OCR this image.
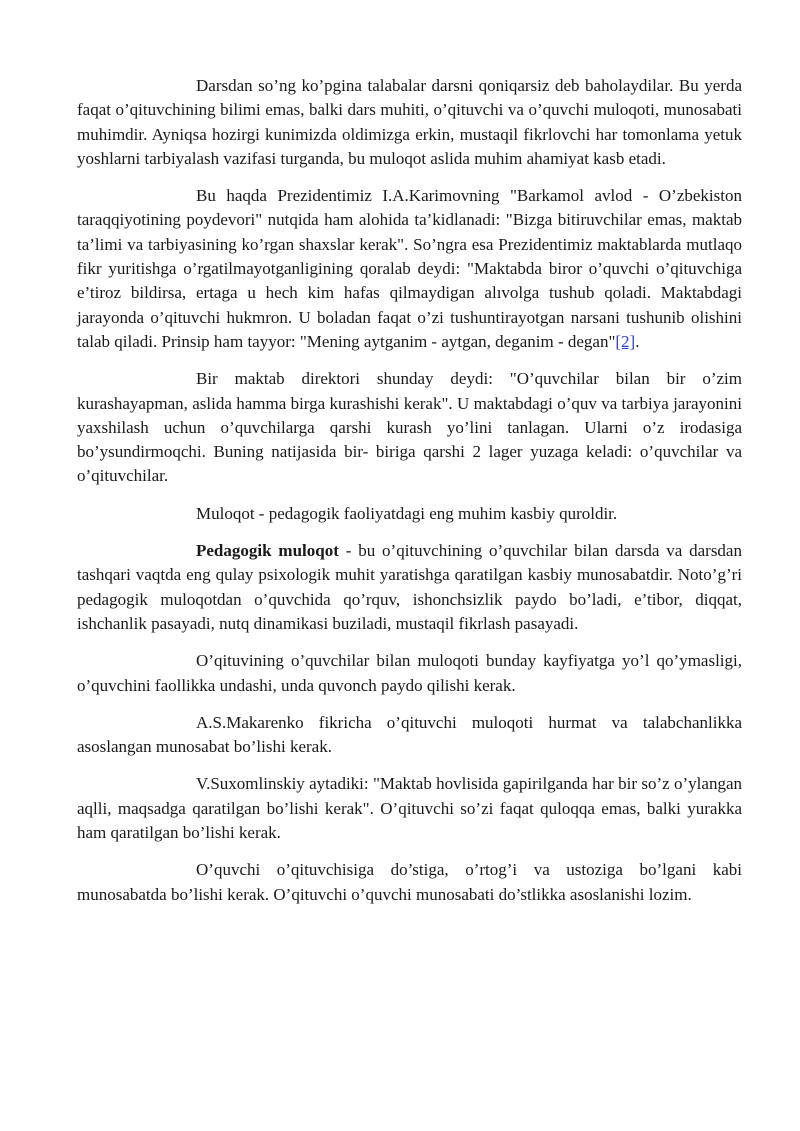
Darsdan so’ng ko’pgina talabalar darsni qoniqarsiz deb baholaydilar. Bu yerda faqat o’qituvchining bilimi emas, balki dars muhiti, o’qituvchi va o’quvchi muloqoti, munosabati muhimdir. Ayniqsa hozirgi kunimizda oldimizga erkin, mustaqil fikrlovchi har tomonlama yetuk yoshlarni tarbiyalash vazifasi turganda, bu muloqot aslida muhim ahamiyat kasb etadi.

Bu haqda Prezidentimiz I.A.Karimovning "Barkamol avlod - O’zbekiston taraqqiyotining poydevori" nutqida ham alohida ta’kidlanadi: "Bizga bitiruvchilar emas, maktab ta’limi va tarbiyasining ko’rgan shaxslar kerak". So’ngra esa Prezidentimiz maktablarda mutlaqo fikr yuritishga o’rgatilmayotganligining qoralab deydi: "Maktabda biror o’quvchi o’qituvchiga e’tiroz bildirsa, ertaga u hech kim hafas qilmaydigan alıvolga tushub qoladi. Maktabdagi jarayonda o’qituvchi hukmron. U boladan faqat o’zi tushuntirayotgan narsani tushunib olishini talab qiladi. Prinsip ham tayyor: "Mening aytganim - aytgan, deganim - degan"[2].

Bir maktab direktori shunday deydi: "O’quvchilar bilan bir o’zim kurashayapman, aslida hamma birga kurashishi kerak". U maktabdagi o’quv va tarbiya jarayonini yaxshilash uchun o’quvchilarga qarshi kurash yo’lini tanlagan. Ularni o’z irodasiga bo’ysundirmoqchi. Buning natijasida bir- biriga qarshi 2 lager yuzaga keladi: o’quvchilar va o’qituvchilar.

Muloqot - pedagogik faoliyatdagi eng muhim kasbiy quroldir.

Pedagogik muloqot - bu o’qituvchining o’quvchilar bilan darsda va darsdan tashqari vaqtda eng qulay psixologik muhit yaratishga qaratilgan kasbiy munosabatdir. Noto’g’ri pedagogik muloqotdan o’quvchida qo’rquv, ishonchsizlik paydo bo’ladi, e’tibor, diqqat, ishchanlik pasayadi, nutq dinamikasi buziladi, mustaqil fikrlash pasayadi.

O’qituvining o’quvchilar bilan muloqoti bunday kayfiyatga yo’l qo’ymasligi, o’quvchini faollikka undashi, unda quvonch paydo qilishi kerak.

A.S.Makarenko fikricha o’qituvchi muloqoti hurmat va talabchanlikka asoslangan munosabat bo’lishi kerak.

V.Suxomlinskiy aytadiki: "Maktab hovlisida gapirilganda har bir so’z o’ylangan aqlli, maqsadga qaratilgan bo’lishi kerak". O’qituvchi so’zi faqat quloqqa emas, balki yurakka ham qaratilgan bo’lishi kerak.

O’quvchi o’qituvchisiga do’stiga, o’rtog’i va ustoziga bo’lgani kabi munosabatda bo’lishi kerak. O’qituvchi o’quvchi munosabati do’stlikka asoslanishi lozim.
